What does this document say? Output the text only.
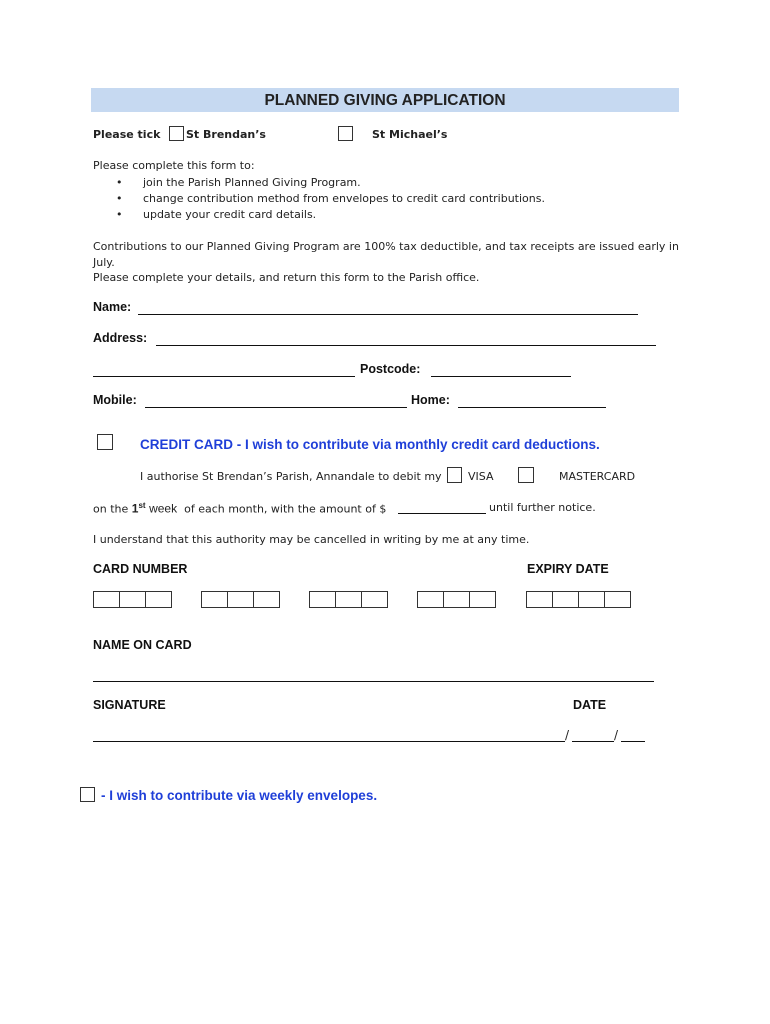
PLANNED GIVING APPLICATION
Please tick St Brendan’s	St Michael’s
Please complete this form to:
• join the Parish Planned Giving Program.
• change contribution method from envelopes to credit card contributions.
• update your credit card details.
Contributions to our Planned Giving Program are 100% tax deductible, and tax receipts are issued early in
July.
Please complete your details, and return this form to the Parish office.
Name:
Address:
Postcode:
Mobile:	Home:
CREDIT CARD - I wish to contribute via monthly credit card deductions.
I authorise St Brendan’s Parish, Annandale to debit my VISA	MASTERCARD
on the 1st week of each month, with the amount of $	until further notice.
I understand that this authority may be cancelled in writing by me at any time.
CARD NUMBER	EXPIRY DATE
NAME ON CARD
SIGNATURE	DATE
/	/
- I wish to contribute via weekly envelopes.
